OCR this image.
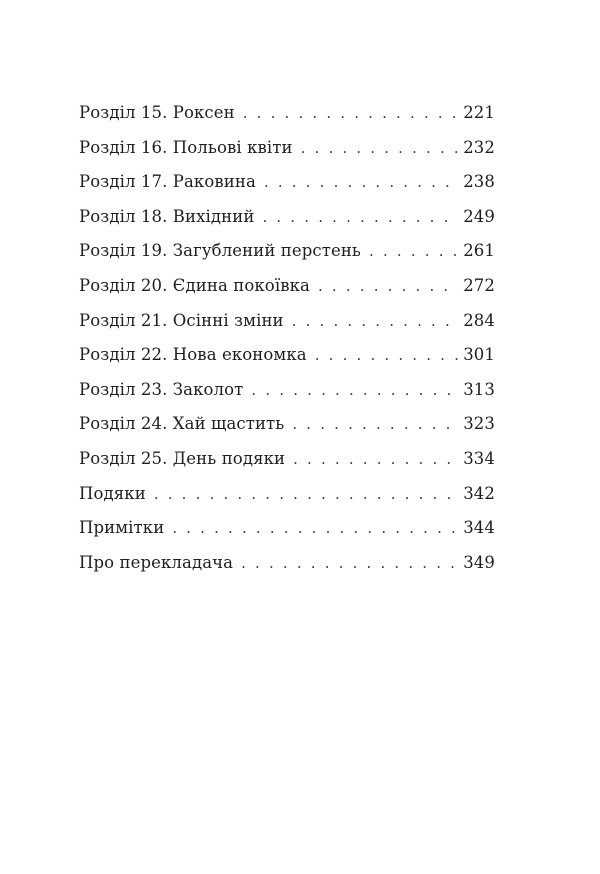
Розділ 15. Роксен . . .	221
Розділ 16. Польові квіти . . .	232
Розділ 17. Раковина . . .	238
Розділ 18. Вихідний . . .	249
Розділ 19. Загублений перстень . . .	261
Розділ 20. Єдина покоївка . . .	272
Розділ 21. Осінні зміни . . .	284
Розділ 22. Нова економка . . .	301
Розділ 23. Заколот . . .	313
Розділ 24. Хай щастить . . .	323
Розділ 25. День подяки . . .	334
Подяки . . .	342
Примітки . . .	344
Про перекладача . . .	349
